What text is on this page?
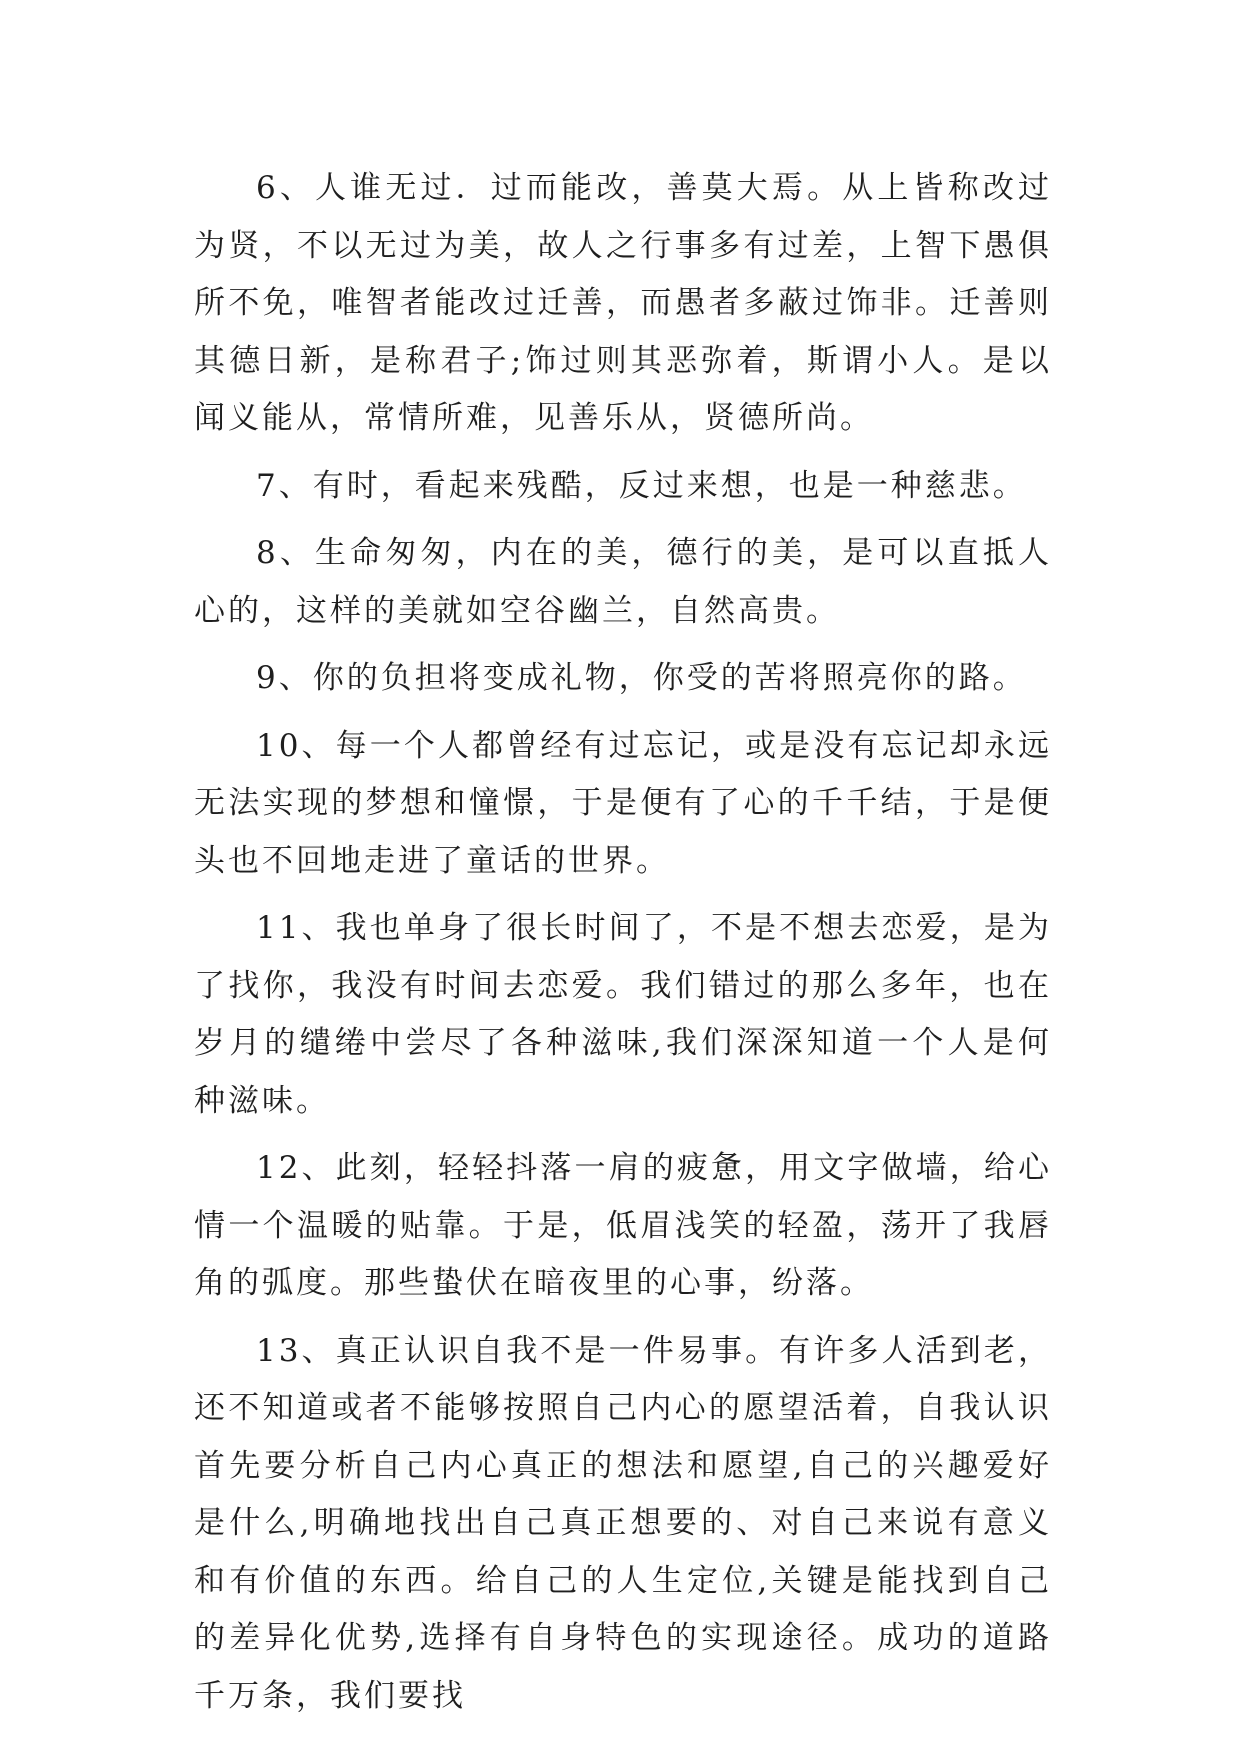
6、人谁无过．过而能改，善莫大焉。从上皆称改过为贤，不以无过为美，故人之行事多有过差，上智下愚俱所不免，唯智者能改过迁善，而愚者多蔽过饰非。迁善则其德日新，是称君子;饰过则其恶弥着，斯谓小人。是以闻义能从，常情所难，见善乐从，贤德所尚。

7、有时，看起来残酷，反过来想，也是一种慈悲。

8、生命匆匆，内在的美，德行的美，是可以直抵人心的，这样的美就如空谷幽兰，自然高贵。

9、你的负担将变成礼物，你受的苦将照亮你的路。

10、每一个人都曾经有过忘记，或是没有忘记却永远无法实现的梦想和憧憬，于是便有了心的千千结，于是便头也不回地走进了童话的世界。

11、我也单身了很长时间了，不是不想去恋爱，是为了找你，我没有时间去恋爱。我们错过的那么多年，也在岁月的缱绻中尝尽了各种滋味,我们深深知道一个人是何种滋味。

12、此刻，轻轻抖落一肩的疲惫，用文字做墙，给心情一个温暖的贴靠。于是，低眉浅笑的轻盈，荡开了我唇角的弧度。那些蛰伏在暗夜里的心事，纷落。

13、真正认识自我不是一件易事。有许多人活到老，还不知道或者不能够按照自己内心的愿望活着，自我认识首先要分析自己内心真正的想法和愿望,自己的兴趣爱好是什么,明确地找出自己真正想要的、对自己来说有意义和有价值的东西。给自己的人生定位,关键是能找到自己的差异化优势,选择有自身特色的实现途径。成功的道路千万条，我们要找
